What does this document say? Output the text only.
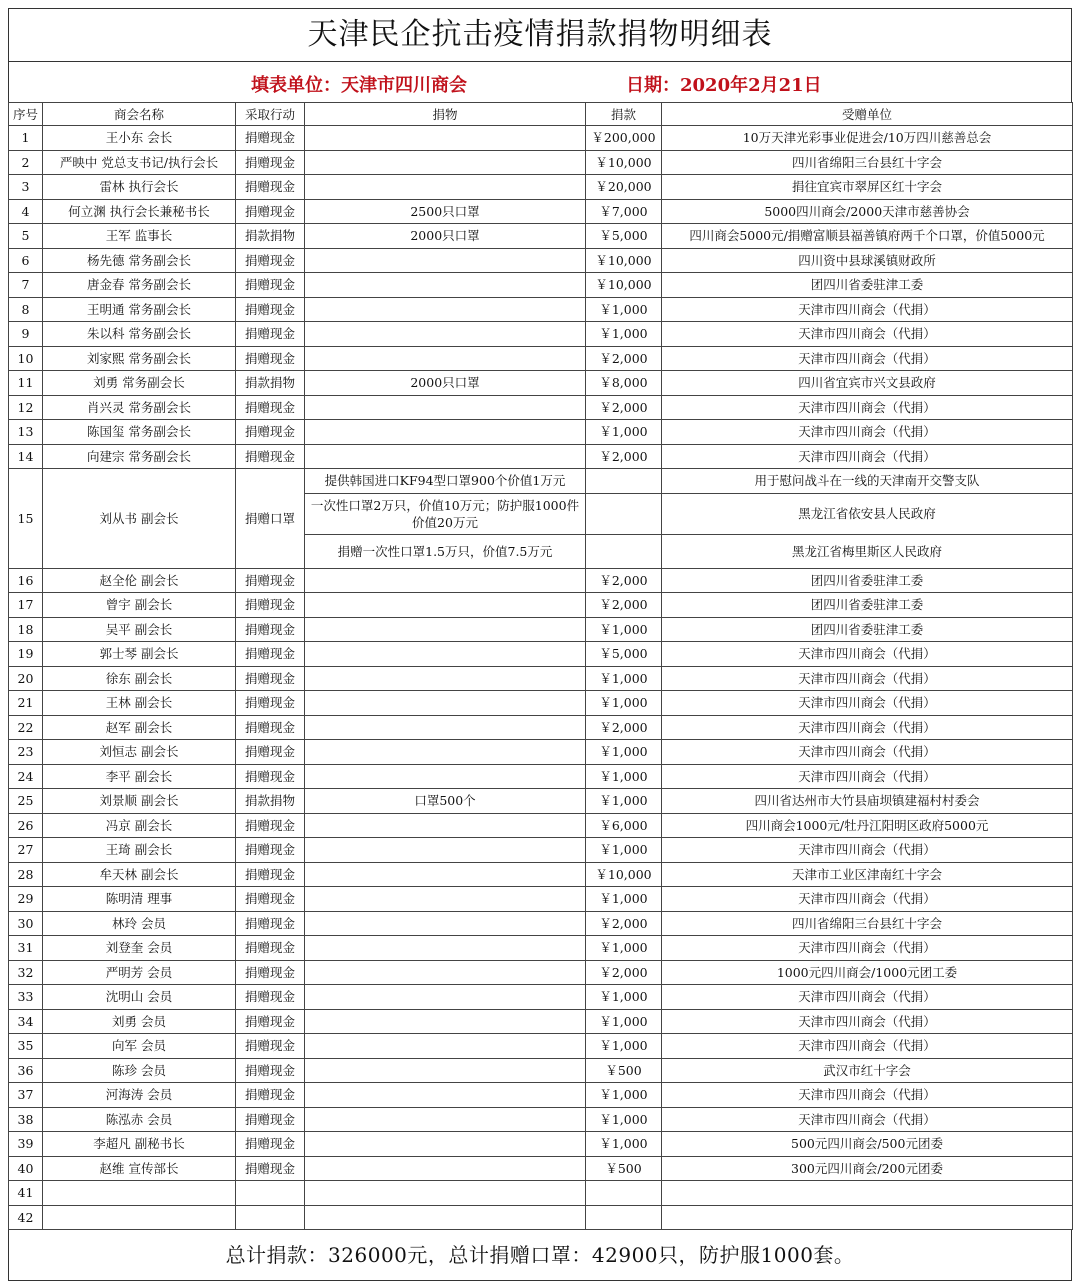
天津民企抗击疫情捐款捐物明细表
填表单位：天津市四川商会	日期：2020年2月21日
序号	商会名称	采取行动	捐物	捐款	受赠单位
1	王小东 会长	捐赠现金		￥200,000	10万天津光彩事业促进会/10万四川慈善总会
2	严映中 党总支书记/执行会长	捐赠现金		￥10,000	四川省绵阳三台县红十字会
3	雷林 执行会长	捐赠现金		￥20,000	捐往宜宾市翠屏区红十字会
4	何立渊 执行会长兼秘书长	捐赠现金	2500只口罩	￥7,000	5000四川商会/2000天津市慈善协会
5	王军 监事长	捐款捐物	2000只口罩	￥5,000	四川商会5000元/捐赠富顺县福善镇府两千个口罩，价值5000元
6	杨先德 常务副会长	捐赠现金		￥10,000	四川资中县球溪镇财政所
7	唐金春 常务副会长	捐赠现金		￥10,000	团四川省委驻津工委
8	王明通 常务副会长	捐赠现金		￥1,000	天津市四川商会（代捐）
9	朱以科 常务副会长	捐赠现金		￥1,000	天津市四川商会（代捐）
10	刘家熙 常务副会长	捐赠现金		￥2,000	天津市四川商会（代捐）
11	刘勇 常务副会长	捐款捐物	2000只口罩	￥8,000	四川省宜宾市兴文县政府
12	肖兴灵 常务副会长	捐赠现金		￥2,000	天津市四川商会（代捐）
13	陈国玺 常务副会长	捐赠现金		￥1,000	天津市四川商会（代捐）
14	向建宗 常务副会长	捐赠现金		￥2,000	天津市四川商会（代捐）
15	刘从书 副会长	捐赠口罩	提供韩国进口KF94型口罩900个价值1万元		用于慰问战斗在一线的天津南开交警支队
			一次性口罩2万只，价值10万元；防护服1000件价值20万元		黑龙江省依安县人民政府
			捐赠一次性口罩1.5万只，价值7.5万元		黑龙江省梅里斯区人民政府
16	赵全伦 副会长	捐赠现金		￥2,000	团四川省委驻津工委
17	曾宇 副会长	捐赠现金		￥2,000	团四川省委驻津工委
18	吴平 副会长	捐赠现金		￥1,000	团四川省委驻津工委
19	郭士琴 副会长	捐赠现金		￥5,000	天津市四川商会（代捐）
20	徐东 副会长	捐赠现金		￥1,000	天津市四川商会（代捐）
21	王林 副会长	捐赠现金		￥1,000	天津市四川商会（代捐）
22	赵军 副会长	捐赠现金		￥2,000	天津市四川商会（代捐）
23	刘恒志 副会长	捐赠现金		￥1,000	天津市四川商会（代捐）
24	李平 副会长	捐赠现金		￥1,000	天津市四川商会（代捐）
25	刘景顺 副会长	捐款捐物	口罩500个	￥1,000	四川省达州市大竹县庙坝镇建福村村委会
26	冯京 副会长	捐赠现金		￥6,000	四川商会1000元/牡丹江阳明区政府5000元
27	王琦 副会长	捐赠现金		￥1,000	天津市四川商会（代捐）
28	牟天林 副会长	捐赠现金		￥10,000	天津市工业区津南红十字会
29	陈明清 理事	捐赠现金		￥1,000	天津市四川商会（代捐）
30	林玲 会员	捐赠现金		￥2,000	四川省绵阳三台县红十字会
31	刘登奎 会员	捐赠现金		￥1,000	天津市四川商会（代捐）
32	严明芳 会员	捐赠现金		￥2,000	1000元四川商会/1000元团工委
33	沈明山 会员	捐赠现金		￥1,000	天津市四川商会（代捐）
34	刘勇 会员	捐赠现金		￥1,000	天津市四川商会（代捐）
35	向军 会员	捐赠现金		￥1,000	天津市四川商会（代捐）
36	陈珍 会员	捐赠现金		￥500	武汉市红十字会
37	河海涛 会员	捐赠现金		￥1,000	天津市四川商会（代捐）
38	陈泓赤 会员	捐赠现金		￥1,000	天津市四川商会（代捐）
39	李超凡 副秘书长	捐赠现金		￥1,000	500元四川商会/500元团委
40	赵维 宣传部长	捐赠现金		￥500	300元四川商会/200元团委
41					
42					
总计捐款：326000元，总计捐赠口罩：42900只，防护服1000套。
